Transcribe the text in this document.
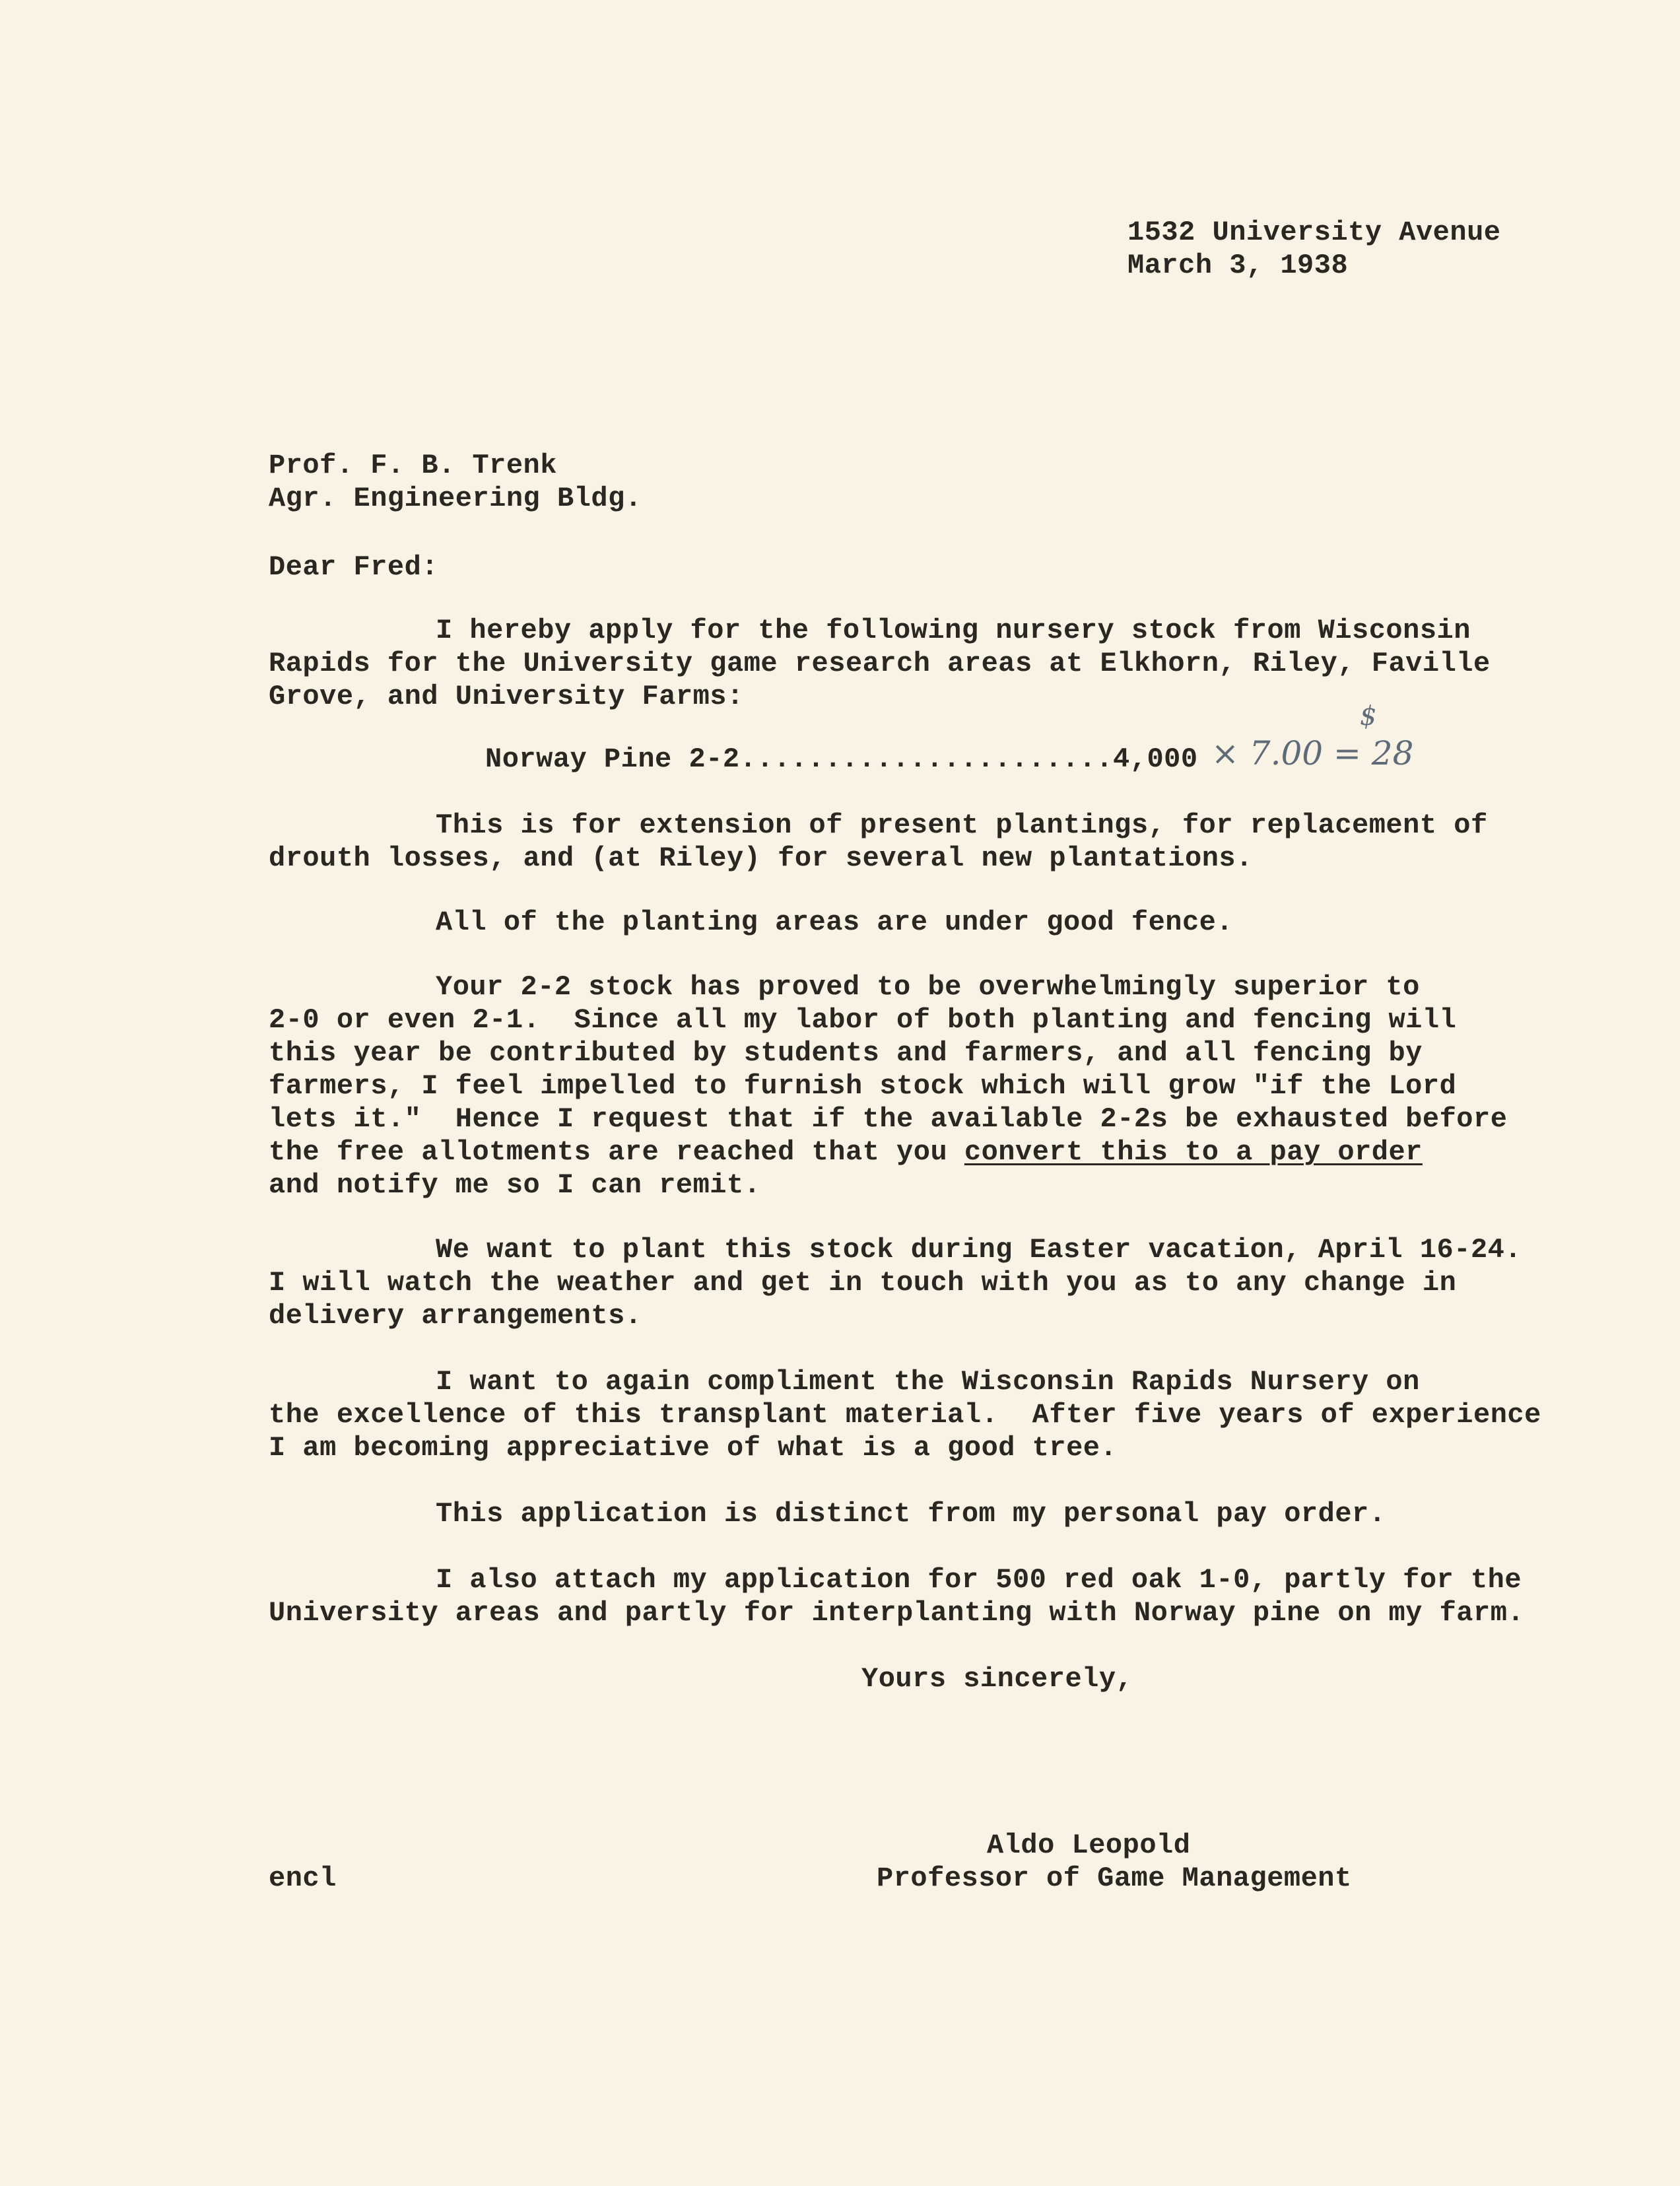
1532 University Avenue
March 3, 1938
Prof. F. B. Trenk
Agr. Engineering Bldg.
Dear Fred:
I hereby apply for the following nursery stock from Wisconsin
Rapids for the University game research areas at Elkhorn, Riley, Faville
Grove, and University Farms:
Norway Pine 2-2......................4,000 × 7.00 = 28
$
This is for extension of present plantings, for replacement of
drouth losses, and (at Riley) for several new plantations.
All of the planting areas are under good fence.
Your 2-2 stock has proved to be overwhelmingly superior to
2-0 or even 2-1.  Since all my labor of both planting and fencing will
this year be contributed by students and farmers, and all fencing by
farmers, I feel impelled to furnish stock which will grow "if the Lord
lets it."  Hence I request that if the available 2-2s be exhausted before
the free allotments are reached that you convert this to a pay order
and notify me so I can remit.
We want to plant this stock during Easter vacation, April 16-24.
I will watch the weather and get in touch with you as to any change in
delivery arrangements.
I want to again compliment the Wisconsin Rapids Nursery on
the excellence of this transplant material.  After five years of experience
I am becoming appreciative of what is a good tree.
This application is distinct from my personal pay order.
I also attach my application for 500 red oak 1-0, partly for the
University areas and partly for interplanting with Norway pine on my farm.
Yours sincerely,
Aldo Leopold
Professor of Game Management
encl
